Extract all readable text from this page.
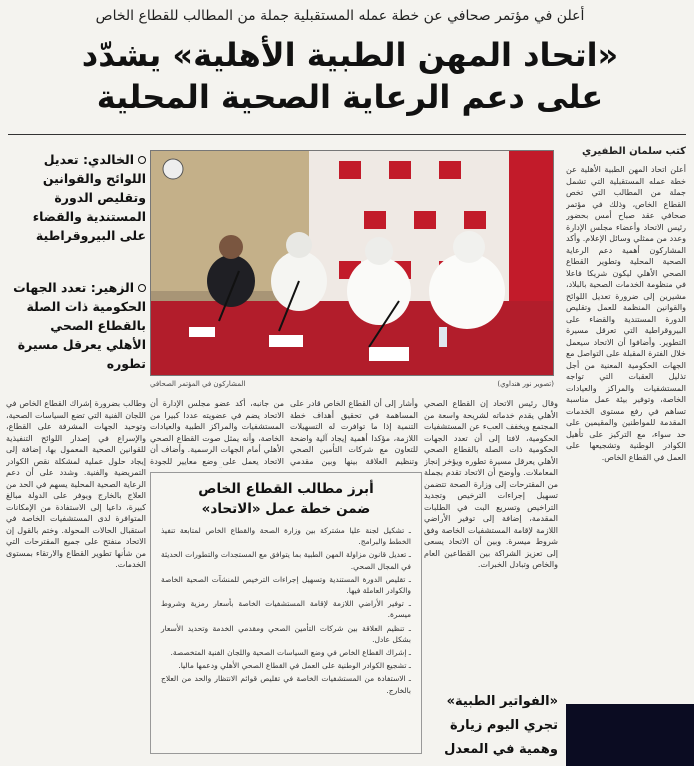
أعلن في مؤتمر صحافي عن خطة عمله المستقبلية جملة من المطالب للقطاع الخاص
«اتحاد المهن الطبية الأهلية» يشدّد
على دعم الرعاية الصحية المحلية
كتب سلمان الطفيري
أعلن اتحاد المهن الطبية الأهلية عن خطة عمله المستقبلية التي تشمل جملة من المطالب التي تخص القطاع الخاص، وذلك في مؤتمر صحافي عقد صباح أمس بحضور رئيس الاتحاد وأعضاء مجلس الإدارة وعدد من ممثلي وسائل الإعلام. وأكد المشاركون أهمية دعم الرعاية الصحية المحلية وتطوير القطاع الصحي الأهلي ليكون شريكا فاعلا في منظومة الخدمات الصحية بالبلاد، مشيرين إلى ضرورة تعديل اللوائح والقوانين المنظمة للعمل وتقليص الدورة المستندية والقضاء على البيروقراطية التي تعرقل مسيرة التطوير. وأضافوا أن الاتحاد سيعمل خلال الفترة المقبلة على التواصل مع الجهات الحكومية المعنية من أجل تذليل العقبات التي تواجه المستشفيات والمراكز والعيادات الخاصة، وتوفير بيئة عمل مناسبة تساهم في رفع مستوى الخدمات المقدمة للمواطنين والمقيمين على حد سواء، مع التركيز على تأهيل الكوادر الوطنية وتشجيعها على العمل في القطاع الخاص.
(تصوير نور هنداوي)
المشاركون في المؤتمر الصحافي
الخالدي: تعديل اللوائح والقوانين وتقليص الدورة المستندية والقضاء على البيروقراطية
الزهير: تعدد الجهات الحكومية ذات الصلة بالقطاع الصحي الأهلي يعرقل مسيرة تطوره
وقال رئيس الاتحاد إن القطاع الصحي الأهلي يقدم خدماته لشريحة واسعة من المجتمع ويخفف العبء عن المستشفيات الحكومية، لافتا إلى أن تعدد الجهات الحكومية ذات الصلة بالقطاع الصحي الأهلي يعرقل مسيرة تطوره ويؤخر إنجاز المعاملات. وأوضح أن الاتحاد تقدم بجملة من المقترحات إلى وزارة الصحة تتضمن تسهيل إجراءات الترخيص وتجديد التراخيص وتسريع البت في الطلبات المقدمة، إضافة إلى توفير الأراضي اللازمة لإقامة المستشفيات الخاصة وفق شروط ميسرة. وبين أن الاتحاد يسعى إلى تعزيز الشراكة بين القطاعين العام والخاص وتبادل الخبرات.
وأشار إلى أن القطاع الخاص قادر على المساهمة في تحقيق أهداف خطة التنمية إذا ما توافرت له التسهيلات اللازمة، مؤكدا أهمية إيجاد آلية واضحة للتعاون مع شركات التأمين الصحي وتنظيم العلاقة بينها وبين مقدمي
من جانبه، أكد عضو مجلس الإدارة أن الاتحاد يضم في عضويته عددا كبيرا من المستشفيات والمراكز الطبية والعيادات الخاصة، وأنه يمثل صوت القطاع الصحي الأهلي أمام الجهات الرسمية. وأضاف أن الاتحاد يعمل على وضع معايير للجودة
وطالب بضرورة إشراك القطاع الخاص في اللجان الفنية التي تضع السياسات الصحية، وتوحيد الجهات المشرفة على القطاع، والإسراع في إصدار اللوائح التنفيذية للقوانين الصحية المعمول بها، إضافة إلى إيجاد حلول عملية لمشكلة نقص الكوادر التمريضية والفنية. وشدد على أن دعم الرعاية الصحية المحلية يسهم في الحد من العلاج بالخارج ويوفر على الدولة مبالغ كبيرة، داعيا إلى الاستفادة من الإمكانات المتوافرة لدى المستشفيات الخاصة في استقبال الحالات المحولة. وختم بالقول إن الاتحاد منفتح على جميع المقترحات التي من شأنها تطوير القطاع والارتقاء بمستوى الخدمات.
أبرز مطالب القطاع الخاص
ضمن خطة عمل «الاتحاد»

ـ تشكيل لجنة عليا مشتركة بين وزارة الصحة والقطاع الخاص لمتابعة تنفيذ الخطط والبرامج.

ـ تعديل قانون مزاولة المهن الطبية بما يتوافق مع المستجدات والتطورات الحديثة في المجال الصحي.

ـ تقليص الدورة المستندية وتسهيل إجراءات الترخيص للمنشآت الصحية الخاصة والكوادر العاملة فيها.

ـ توفير الأراضي اللازمة لإقامة المستشفيات الخاصة بأسعار رمزية وشروط ميسرة.

ـ تنظيم العلاقة بين شركات التأمين الصحي ومقدمي الخدمة وتحديد الأسعار بشكل عادل.

ـ إشراك القطاع الخاص في وضع السياسات الصحية واللجان الفنية المتخصصة.

ـ تشجيع الكوادر الوطنية على العمل في القطاع الصحي الأهلي ودعمها ماليا.

ـ الاستفادة من المستشفيات الخاصة في تقليص قوائم الانتظار والحد من العلاج بالخارج.

«الفواتير الطبية» تجري اليوم زيارة وهمية في المعدل
